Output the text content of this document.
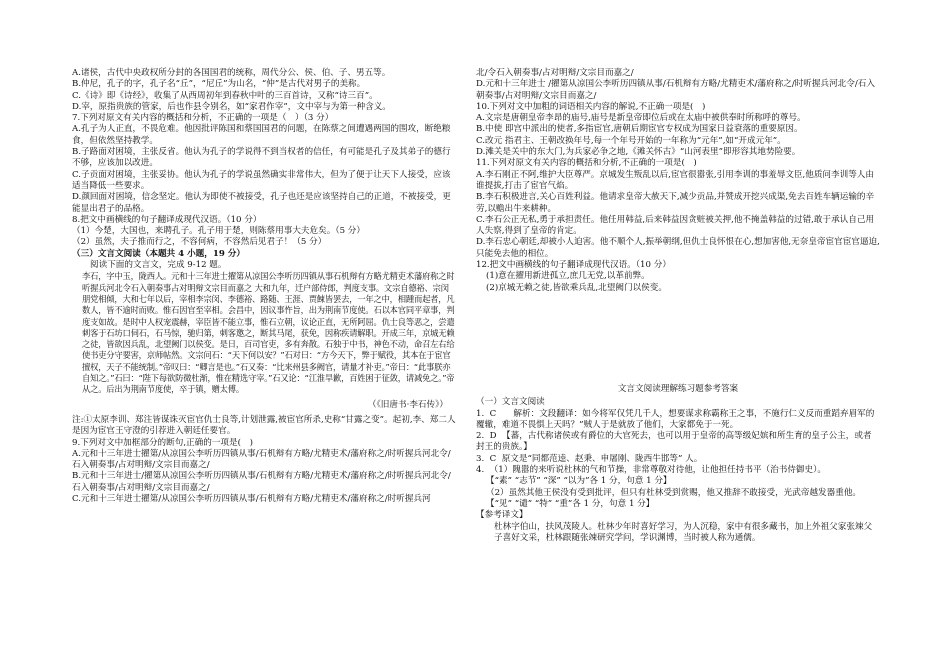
A.诸侯，古代中央政权所分封的各国国君的统称，周代分公、侯、伯、子、男五等。

B.仲尼，孔子的字，孔子名“丘”，“尼丘”为山名，“仲”是古代对男子的美称。

C.《诗》即《诗经》，收集了从西周初年到春秋中叶的三百首诗，又称“诗三百”。

D.宰，原指贵族的管家，后也作县令别名，如“家君作宰”，文中宰与为第一种含义。

7.下列对原文有关内容的概括和分析，不正确的一项是（　）（3 分）

A.孔子为人正直，不畏危难。他因批评陈国和蔡国国君的问题，在陈蔡之间遭遇两国的围攻，断绝粮食，但依然坚持教学。

B.子路面对困境，主张反省。他认为孔子的学说得不到当权者的信任，有可能是孔子及其弟子的德行不够，应该加以改进。

C.子贡面对困境，主张妥协。他认为孔子的学说虽然确实非常伟大，但为了便于让天下人接受，应该适当降低一些要求。

D.颜回面对困境，信念坚定。他认为即使不被接受，孔子也还是应该坚持自己的正道，不被接受，更能显出君子的品格。

8.把文中画横线的句子翻译成现代汉语。（10 分）

（1）今楚，大国也，来聘孔子。孔子用于楚，则陈蔡用事大夫危矣。（5 分）

（2）虽然，夫子推而行之，不容何病，不容然后见君子！（5 分）

（三）文言文阅读（本题共 4 小题，19 分）

阅读下面的文言文，完成 9-12 题。

李石，字中玉，陇西人。元和十三年进士擢第从凉国公李听历四镇从事石机辩有方略尤精吏术藩府称之时听握兵河北令石入朝奏事占对明辩文宗目而嘉之 大和九年，迁户部侍郎，判度支事。文宗自德裕、宗闵朋党相倾，大和七年以后，宰相李宗闵、李德裕、路随、王涯、贾餗皆罢去，一年之中，相踵而起者，凡数人，皆不逾时而败。惟石因官至宰相。会昌中，因议事忤旨，出为荆南节度使。石以本官同平章事，判度支如故。是时中人权宠震赫，宰臣皆不能立事，惟石立朝，议论正直，无所阿屈。仇士良等恶之，尝遣刺客于石坊口伺石，石马惊，驰归第，刺客邀之，断其马尾，获免，因称疾请解职。开成三年，京城无赖之徒，皆欲因兵乱，北望阙门以侯变。是日，百司官吏，多有奔散。石独于中书，神色不动，命召左右给使书吏分守要害，京师帖然。文宗问石：“天下何以安？”石对曰：“方今天下，弊于赋役，其本在于宦官擅权，天子不能统制。”帝叹曰：“卿言是也。”石又奏：“比来州县多阙官，请量才补吏。”帝曰：“此事朕亦自知之。”石曰：“陛下每欲防微杜渐，惟在精选守宰。”石又论：“江淮旱歉，百姓困于征敛，请减免之。”帝从之。后出为荆南节度使，卒于镇，赠太傅。

（《旧唐书·李石传》）

注:①太原李训、郑注皆谋诛灭宦官仇士良等,计划泄露,被宦官所杀,史称“甘露之变”。起初,李、郑二人是因为宦官王守澄的引荐进入朝廷任要官。

9.下列对文中加框部分的断句,正确的一项是(　)

A.元和十三年进士擢第/从凉国公李听历四镇从事/石机辩有方略/尤精吏术/藩府称之/时听握兵河北令/石入朝奏事/占对明辩/文宗目而嘉之/

B.元和十三年进士/擢第从凉国公李听历四镇从事/石机辩有方略/尤精吏术/藩府称之/时听握兵河北令/石入朝奏事/占对明辩/文宗目而嘉之/

C.元和十三年进士擢第/从凉国公李听历四镇从事/石机辩有方略/尤精吏术/藩府称之/时听握兵河

北/令石入朝奏事/占对明辩/文宗目而嘉之/

D.元和十三年进士 /擢第从凉国公李听历四镇从事/石机辩有方略/尤精吏术/藩府称之/时听握兵河北令/石入朝奏事/占对明辩/文宗目而嘉之/

10.下列对文中加粗的词语相关内容的解说,不正确一项是(　)

A.文宗是唐朝皇帝李昂的庙号,庙号是新皇帝即位后或在太庙中被供奉时所称呼的尊号。

B.中使 即宫中派出的使者,多指宦官,唐朝后期宦官专权成为国家日益衰落的重要原因。

C.改元 指君主、王朝改换年号,每一个年号开始的一年称为“元年”,如“开成元年”。

D.滩关是关中的东大门,为兵家必争之地,《滩关怀古》“山河表里”即形容其地势险要。

11.下列对原文有关内容的概括和分析,不正确的一项是(　)

A.李石刚正不阿,维护大臣尊严。京城发生叛乱以后,宦官很嚣张,引用李训的事羞辱文臣,他质问李训等人由谁提拔,打击了宦官气焰。

B.李石积极进言,关心百姓利益。他请求皇帝大赦天下,减少贡品,并赞成开挖兴成渠,免去百姓车辆运输的辛劳,以赡出牛来耕种。

C.李石公正无私,勇于承担责任。他任用韩益,后来韩益因贪赃被关押,他不掩盖韩益的过错,敢于承认自己用人失察,得到了皇帝的肯定。

D.李石忠心朝廷,却被小人迫害。他不顺个人,振举朝纲,但仇士良怀恨在心,想加害他,无奈皇帝宦官宦官逼迫,只能免去他的相位。

12.把文中画横线的句子翻译成现代汉语。（10 分）

(1)意在擢用新进孤立,庶几无党,以革前弊。

(2)京城无赖之徒,皆欲乘兵乱,北望阙门以侯变。

文言文阅读理解练习题参考答案

（一）文言文阅读

1.  C　　解析：文段翻译：如今将军仅凭几千人，想要谋求称霸称王之事，不施行仁义反而重蹈弃眉军的覆辙，难道不畏惧上天吗？”贼人于是就放了他们，大家都免于一死。

2.  D  【蕃，古代称诸侯或有爵位的大官死去，也可以用于皇帝的高等级妃嫔和所生育的皇子公主，或者封王的贵族。】

3.  C  原文是“同都范逵、赵秉、申屠刚、陇西牛邯等” 人。

4.  （1）隗嚣的来听说杜林的气和节操，非常尊敬对待他，让他担任持书平（治书侍御史）。

【“素” “志节” “深” “以为”各 1 分，句意 1 分】

（2）虽然其他王侯没有受到批评，但只有杜林受到赏赐，他又推辞不敢接受，光武帝越发器重他。【“见” “谴” “特” “重”各 1 分，句意 1 分】

【参考译文】

杜林字伯山，扶风茂陵人。杜林少年时喜好学习，为人沉稳，家中有很多藏书，加上外祖父家张竦父子喜好文采，杜林跟随张竦研究学问，学识渊博，当时被人称为通儒。
